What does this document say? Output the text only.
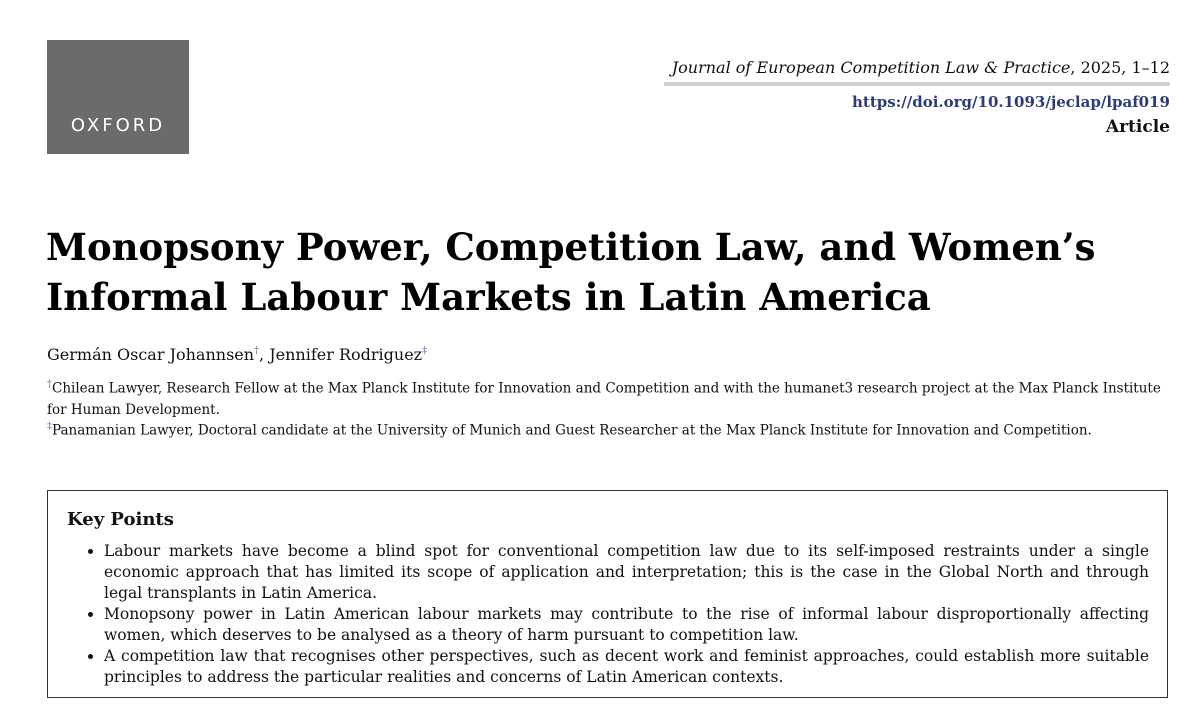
OXFORD
Journal of European Competition Law & Practice, 2025, 1–12
https://doi.org/10.1093/jeclap/lpaf019
Article
Monopsony Power, Competition Law, and Women’s Informal Labour Markets in Latin America
Germán Oscar Johannsen†, Jennifer Rodriguez‡

†Chilean Lawyer, Research Fellow at the Max Planck Institute for Innovation and Competition and with the humanet3 research project at the Max Planck Institute for Human Development.

‡Panamanian Lawyer, Doctoral candidate at the University of Munich and Guest Researcher at the Max Planck Institute for Innovation and Competition.

Key Points
• Labour markets have become a blind spot for conventional competition law due to its self-imposed restraints under a single economic approach that has limited its scope of application and interpretation; this is the case in the Global North and through legal transplants in Latin America.
• Monopsony power in Latin American labour markets may contribute to the rise of informal labour disproportionally affecting women, which deserves to be analysed as a theory of harm pursuant to competition law.
• A competition law that recognises other perspectives, such as decent work and feminist approaches, could establish more suitable principles to address the particular realities and concerns of Latin American contexts.
